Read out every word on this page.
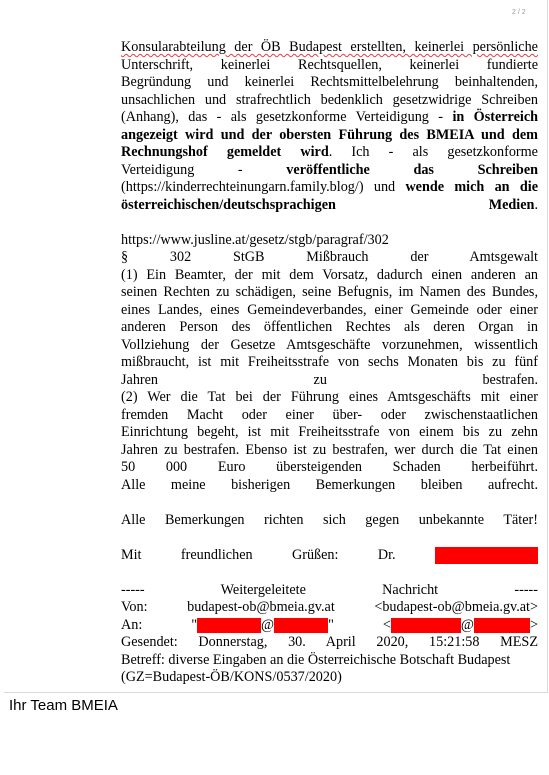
2 / 2
Konsularabteilung der ÖB Budapest erstellten, keinerlei persönliche
Unterschrift, keinerlei Rechtsquellen, keinerlei fundierte
Begründung und keinerlei Rechtsmittelbelehrung beinhaltenden,
unsachlichen und strafrechtlich bedenklich gesetzwidrige Schreiben
(Anhang), das - als gesetzkonforme Verteidigung - in Österreich
angezeigt wird und der obersten Führung des BMEIA und dem
Rechnungshof gemeldet wird. Ich - als gesetzkonforme
Verteidigung -	veröffentliche das Schreiben
(https://kinderrechteinungarn.family.blog/) und wende mich an die
österreichischen/deutschsprachigen Medien.
https://www.jusline.at/gesetz/stgb/paragraf/302
§ 302 StGB Mißbrauch der Amtsgewalt
(1) Ein Beamter, der mit dem Vorsatz, dadurch einen anderen an
seinen Rechten zu schädigen, seine Befugnis, im Namen des Bundes,
eines Landes, eines Gemeindeverbandes, einer Gemeinde oder einer
anderen Person des öffentlichen Rechtes als deren Organ in
Vollziehung der Gesetze Amtsgeschäfte vorzunehmen, wissentlich
mißbraucht, ist mit Freiheitsstrafe von sechs Monaten bis zu fünf
Jahren zu bestrafen.
(2) Wer die Tat bei der Führung eines Amtsgeschäfts mit einer
fremden Macht oder einer über- oder zwischenstaatlichen
Einrichtung begeht, ist mit Freiheitsstrafe von einem bis zu zehn
Jahren zu bestrafen. Ebenso ist zu bestrafen, wer durch die Tat einen
50 000 Euro übersteigenden Schaden herbeiführt.
Alle meine bisherigen Bemerkungen bleiben aufrecht.
Alle Bemerkungen richten sich gegen unbekannte Täter!
Mit freundlichen Grüßen: Dr.
----- Weitergeleitete Nachricht -----
Von:	budapest-ob@bmeia.gv.at	<budapest-ob@bmeia.gv.at>
An:	"	@	"	<	@	>
Gesendet: Donnerstag, 30. April 2020, 15:21:58 MESZ
Betreff: diverse Eingaben an die Österreichische Botschaft Budapest
(GZ=Budapest-ÖB/KONS/0537/2020)
Ihr Team BMEIA
